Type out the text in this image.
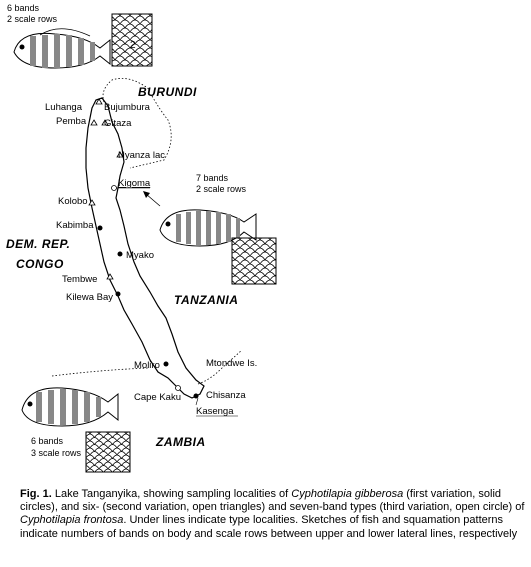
6 bands
2 scale rows
2
Luhanga Bujumbura
Pemba Gitaza
Nyanza lac
Kigoma
Kolobo
Kabimba
Myako
Tembwe
Kilewa Bay
Moliro	Mtondwe Is.
Cape Kaku	Chisanza
Kasenga
BURUNDI
DEM. REP.
CONGO
TANZANIA
ZAMBIA
7 bands
2 scale rows
6 bands
3 scale rows
Fig. 1. Lake Tanganyika, showing sampling localities of Cyphotilapia gibberosa (first variation, solid circles), and six- (second variation, open triangles) and seven-band types (third variation, open circle) of Cyphotilapia frontosa. Under lines indicate type localities. Sketches of fish and squamation patterns indicate numbers of bands on body and scale rows between upper and lower lateral lines, respectively
